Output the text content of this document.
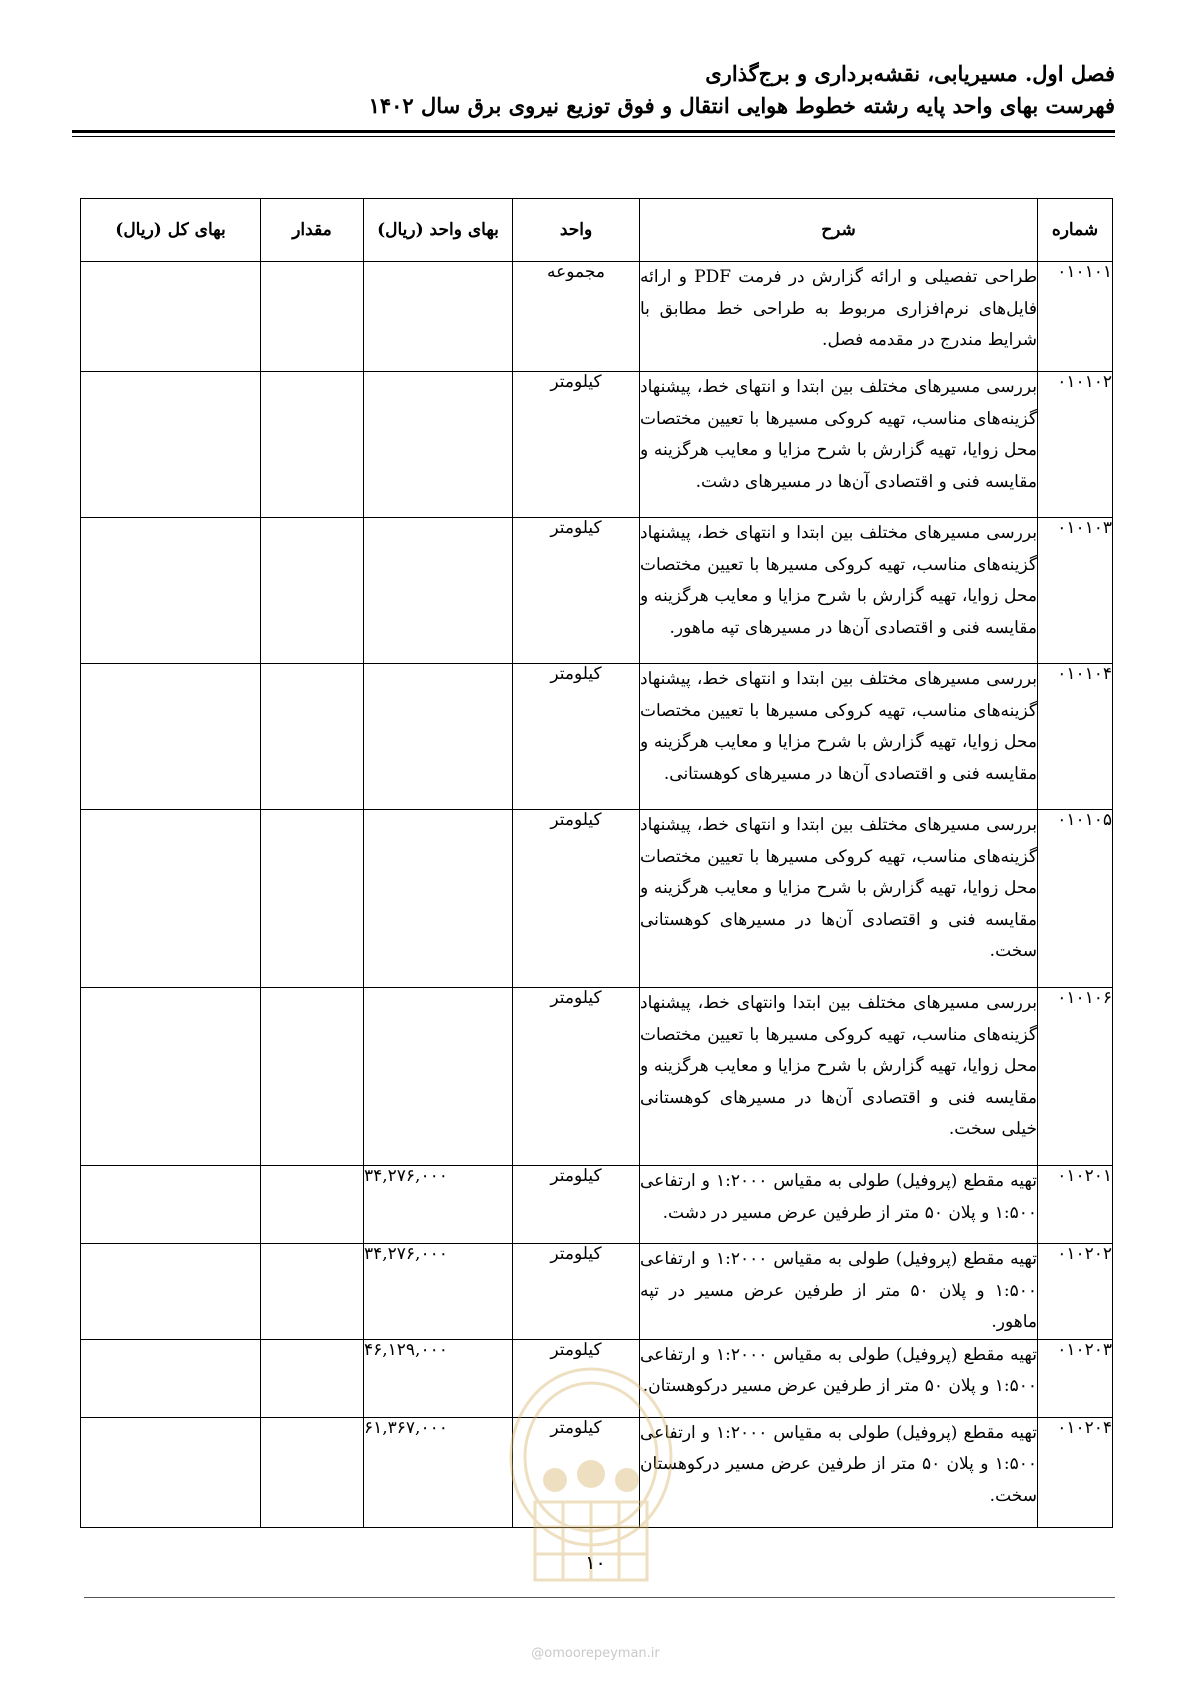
فصل اول. مسیریابی، نقشه‌برداری و برج‌گذاری
فهرست بهای واحد پایه رشته خطوط هوایی انتقال و فوق توزیع نیروی برق سال ۱۴۰۲
شماره	شرح	واحد	بهای واحد (ریال)	مقدار	بهای کل (ریال)
۰۱۰۱۰۱	طراحی تفصیلی و ارائه گزارش در فرمت PDF و ارائه فایل‌های نرم‌افزاری مربوط به طراحی خط مطابق با شرایط مندرج در مقدمه فصل.	مجموعه			
۰۱۰۱۰۲	بررسی مسیرهای مختلف بین ابتدا و انتهای خط، پیشنهاد گزینه‌های مناسب، تهیه کروکی مسیرها با تعیین مختصات محل زوایا، تهیه گزارش با شرح مزایا و معایب هرگزینه و مقایسه فنی و اقتصادی آن‌ها در مسیرهای دشت.	کیلومتر			
۰۱۰۱۰۳	بررسی مسیرهای مختلف بین ابتدا و انتهای خط، پیشنهاد گزینه‌های مناسب، تهیه کروکی مسیرها با تعیین مختصات محل زوایا، تهیه گزارش با شرح مزایا و معایب هرگزینه و مقایسه فنی و اقتصادی آن‌ها در مسیرهای تپه ماهور.	کیلومتر			
۰۱۰۱۰۴	بررسی مسیرهای مختلف بین ابتدا و انتهای خط، پیشنهاد گزینه‌های مناسب، تهیه کروکی مسیرها با تعیین مختصات محل زوایا، تهیه گزارش با شرح مزایا و معایب هرگزینه و مقایسه فنی و اقتصادی آن‌ها در مسیرهای کوهستانی.	کیلومتر			
۰۱۰۱۰۵	بررسی مسیرهای مختلف بین ابتدا و انتهای خط، پیشنهاد گزینه‌های مناسب، تهیه کروکی مسیرها با تعیین مختصات محل زوایا، تهیه گزارش با شرح مزایا و معایب هرگزینه و مقایسه فنی و اقتصادی آن‌ها در مسیرهای کوهستانی سخت.	کیلومتر			
۰۱۰۱۰۶	بررسی مسیرهای مختلف بین ابتدا وانتهای خط، پیشنهاد گزینه‌های مناسب، تهیه کروکی مسیرها با تعیین مختصات محل زوایا، تهیه گزارش با شرح مزایا و معایب هرگزینه و مقایسه فنی و اقتصادی آن‌ها در مسیرهای کوهستانی خیلی سخت.	کیلومتر			
۰۱۰۲۰۱	تهیه مقطع (پروفیل) طولی به مقیاس ۱:۲۰۰۰ و ارتفاعی ۱:۵۰۰ و پلان ۵۰ متر از طرفین عرض مسیر در دشت.	کیلومتر	۳۴,۲۷۶,۰۰۰		
۰۱۰۲۰۲	تهیه مقطع (پروفیل) طولی به مقیاس ۱:۲۰۰۰ و ارتفاعی ۱:۵۰۰ و پلان ۵۰ متر از طرفین عرض مسیر در تپه ماهور.	کیلومتر	۳۴,۲۷۶,۰۰۰		
۰۱۰۲۰۳	تهیه مقطع (پروفیل) طولی به مقیاس ۱:۲۰۰۰ و ارتفاعی ۱:۵۰۰ و پلان ۵۰ متر از طرفین عرض مسیر درکوهستان.	کیلومتر	۴۶,۱۲۹,۰۰۰		
۰۱۰۲۰۴	تهیه مقطع (پروفیل) طولی به مقیاس ۱:۲۰۰۰ و ارتفاعی ۱:۵۰۰ و پلان ۵۰ متر از طرفین عرض مسیر درکوهستان سخت.	کیلومتر	۶۱,۳۶۷,۰۰۰		
۱۰
@omoorepeyman.ir
